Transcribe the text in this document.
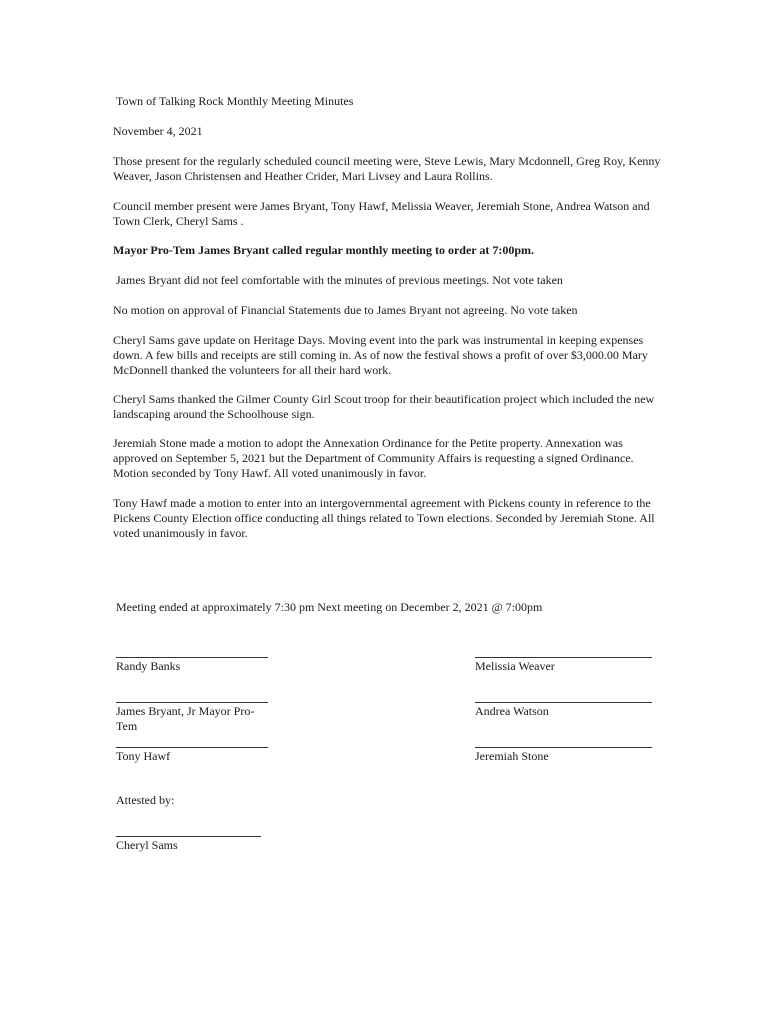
Town of Talking Rock Monthly Meeting Minutes

November 4, 2021

Those present for the regularly scheduled council meeting were, Steve Lewis, Mary Mcdonnell, Greg Roy, Kenny Weaver, Jason Christensen and Heather Crider, Mari Livsey and Laura Rollins.

Council member present were James Bryant, Tony Hawf, Melissia Weaver, Jeremiah Stone, Andrea Watson and Town Clerk, Cheryl Sams .

Mayor Pro-Tem James Bryant called regular monthly meeting to order at 7:00pm.

James Bryant did not feel comfortable with the minutes of previous meetings. Not vote taken

No motion on approval of Financial Statements due to James Bryant not agreeing. No vote taken

Cheryl Sams gave update on Heritage Days. Moving event into the park was instrumental in keeping expenses down. A few bills and receipts are still coming in. As of now the festival shows a profit of over $3,000.00 Mary McDonnell thanked the volunteers for all their hard work.

Cheryl Sams thanked the Gilmer County Girl Scout troop for their beautification project which included the new landscaping around the Schoolhouse sign.

Jeremiah Stone made a motion to adopt the Annexation Ordinance for the Petite property. Annexation was approved on September 5, 2021 but the Department of Community Affairs is requesting a signed Ordinance. Motion seconded by Tony Hawf. All voted unanimously in favor.

Tony Hawf made a motion to enter into an intergovernmental agreement with Pickens county in reference to the Pickens County Election office conducting all things related to Town elections. Seconded by Jeremiah Stone. All voted unanimously in favor.

Meeting ended at approximately 7:30 pm Next meeting on December 2, 2021 @ 7:00pm

Randy Banks
James Bryant, Jr Mayor Pro-Tem
Tony Hawf
Melissia Weaver
Andrea Watson
Jeremiah Stone

Attested by:

Cheryl Sams
